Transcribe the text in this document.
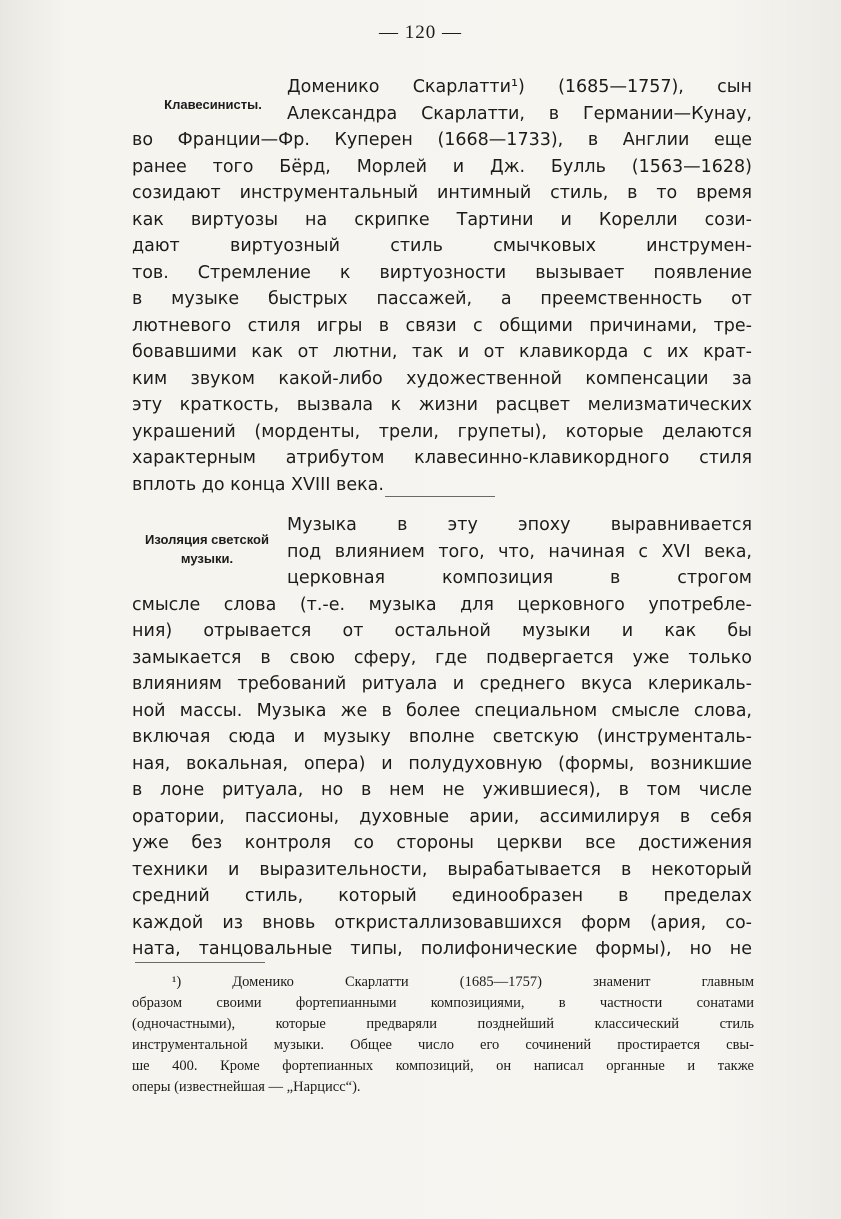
— 120 —
Клавесинисты.
Изоляция светской
музыки.
Доменико Скарлатти¹) (1685—1757), сын
Александра Скарлатти, в Германии—Кунау,
во Франции—Фр. Куперен (1668—1733), в Англии еще
ранее того Бёрд, Морлей и Дж. Булль (1563—1628)
созидают инструментальный интимный стиль, в то время
как виртуозы на скрипке Тартини и Корелли сози-
дают виртуозный стиль смычковых инструмен-
тов. Стремление к виртуозности вызывает появление
в музыке быстрых пассажей, а преемственность от
лютневого стиля игры в связи с общими причинами, тре-
бовавшими как от лютни, так и от клавикорда с их крат-
ким звуком какой-либо художественной компенсации за
эту краткость, вызвала к жизни расцвет мелизматических
украшений (морденты, трели, групеты), которые делаются
характерным атрибутом клавесинно-клавикордного стиля
вплоть до конца XVIII века.
Музыка в эту эпоху выравнивается
под влиянием того, что, начиная с XVI века,
церковная композиция в строгом
смысле слова (т.-е. музыка для церковного употребле-
ния) отрывается от остальной музыки и как бы
замыкается в свою сферу, где подвергается уже только
влияниям требований ритуала и среднего вкуса клерикаль-
ной массы. Музыка же в более специальном смысле слова,
включая сюда и музыку вполне светскую (инструменталь-
ная, вокальная, опера) и полудуховную (формы, возникшие
в лоне ритуала, но в нем не ужившиеся), в том числе
оратории, пассионы, духовные арии, ассимилируя в себя
уже без контроля со стороны церкви все достижения
техники и выразительности, вырабатывается в некоторый
средний стиль, который единообразен в пределах
каждой из вновь откристаллизовавшихся форм (ария, со-
ната, танцовальные типы, полифонические формы), но не
¹) Доменико Скарлатти (1685—1757) знаменит главным
образом своими фортепианными композициями, в частности сонатами
(одночастными), которые предваряли позднейший классический стиль
инструментальной музыки. Общее число его сочинений простирается свы-
ше 400. Кроме фортепианных композиций, он написал органные и также
оперы (известнейшая — „Нарцисс“).
